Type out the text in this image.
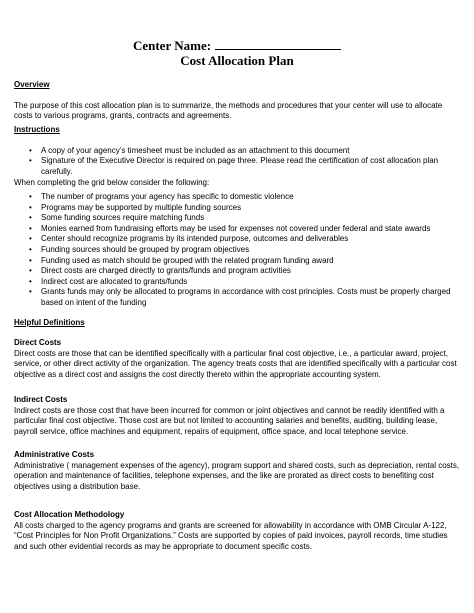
Center Name:
Cost Allocation Plan
Overview

The purpose of this cost allocation plan is to summarize, the methods and procedures that your center will use to allocate costs to various programs, grants, contracts and agreements.

Instructions
• A copy of your agency’s timesheet must be included as an attachment to this document
• Signature of the Executive Director is required on page three. Please read the certification of cost allocation plan carefully.

When completing the grid below consider the following:

• The number of programs your agency has specific to domestic violence
• Programs may be supported by multiple funding sources
• Some funding sources require matching funds
• Monies earned from fundraising efforts may be used for expenses not covered under federal and state awards
• Center should recognize programs by its intended purpose, outcomes and deliverables
• Funding sources should be grouped by program objectives
• Funding used as match should be grouped with the related program funding award
• Direct costs are charged directly to grants/funds and program activities
• Indirect cost are allocated to grants/funds
• Grants funds may only be allocated to programs in accordance with cost principles. Costs must be properly charged based on intent of the funding
Helpful Definitions
Direct Costs

Direct costs are those that can be identified specifically with a particular final cost objective, i.e., a particular award, project, service, or other direct activity of the organization. The agency treats costs that are identified specifically with a particular cost objective as a direct cost and assigns the cost directly thereto within the appropriate accounting system.

Indirect Costs

Indirect costs are those cost that have been incurred for common or joint objectives and cannot be readily identified with a particular final cost objective. Those cost are but not limited to accounting salaries and benefits, auditing, building lease, payroll service, office machines and equipment, repairs of equipment, office space, and local telephone service.

Administrative Costs

Administrative ( management expenses of the agency), program support and shared costs, such as depreciation, rental costs, operation and maintenance of facilities, telephone expenses, and the like are prorated as direct costs to benefiting cost objectives using a distribution base.

Cost Allocation Methodology

All costs charged to the agency programs and grants are screened for allowability in accordance with OMB Circular A-122, “Cost Principles for Non Profit Organizations.” Costs are supported by copies of paid invoices, payroll records, time studies and such other evidential records as may be appropriate to document specific costs.
